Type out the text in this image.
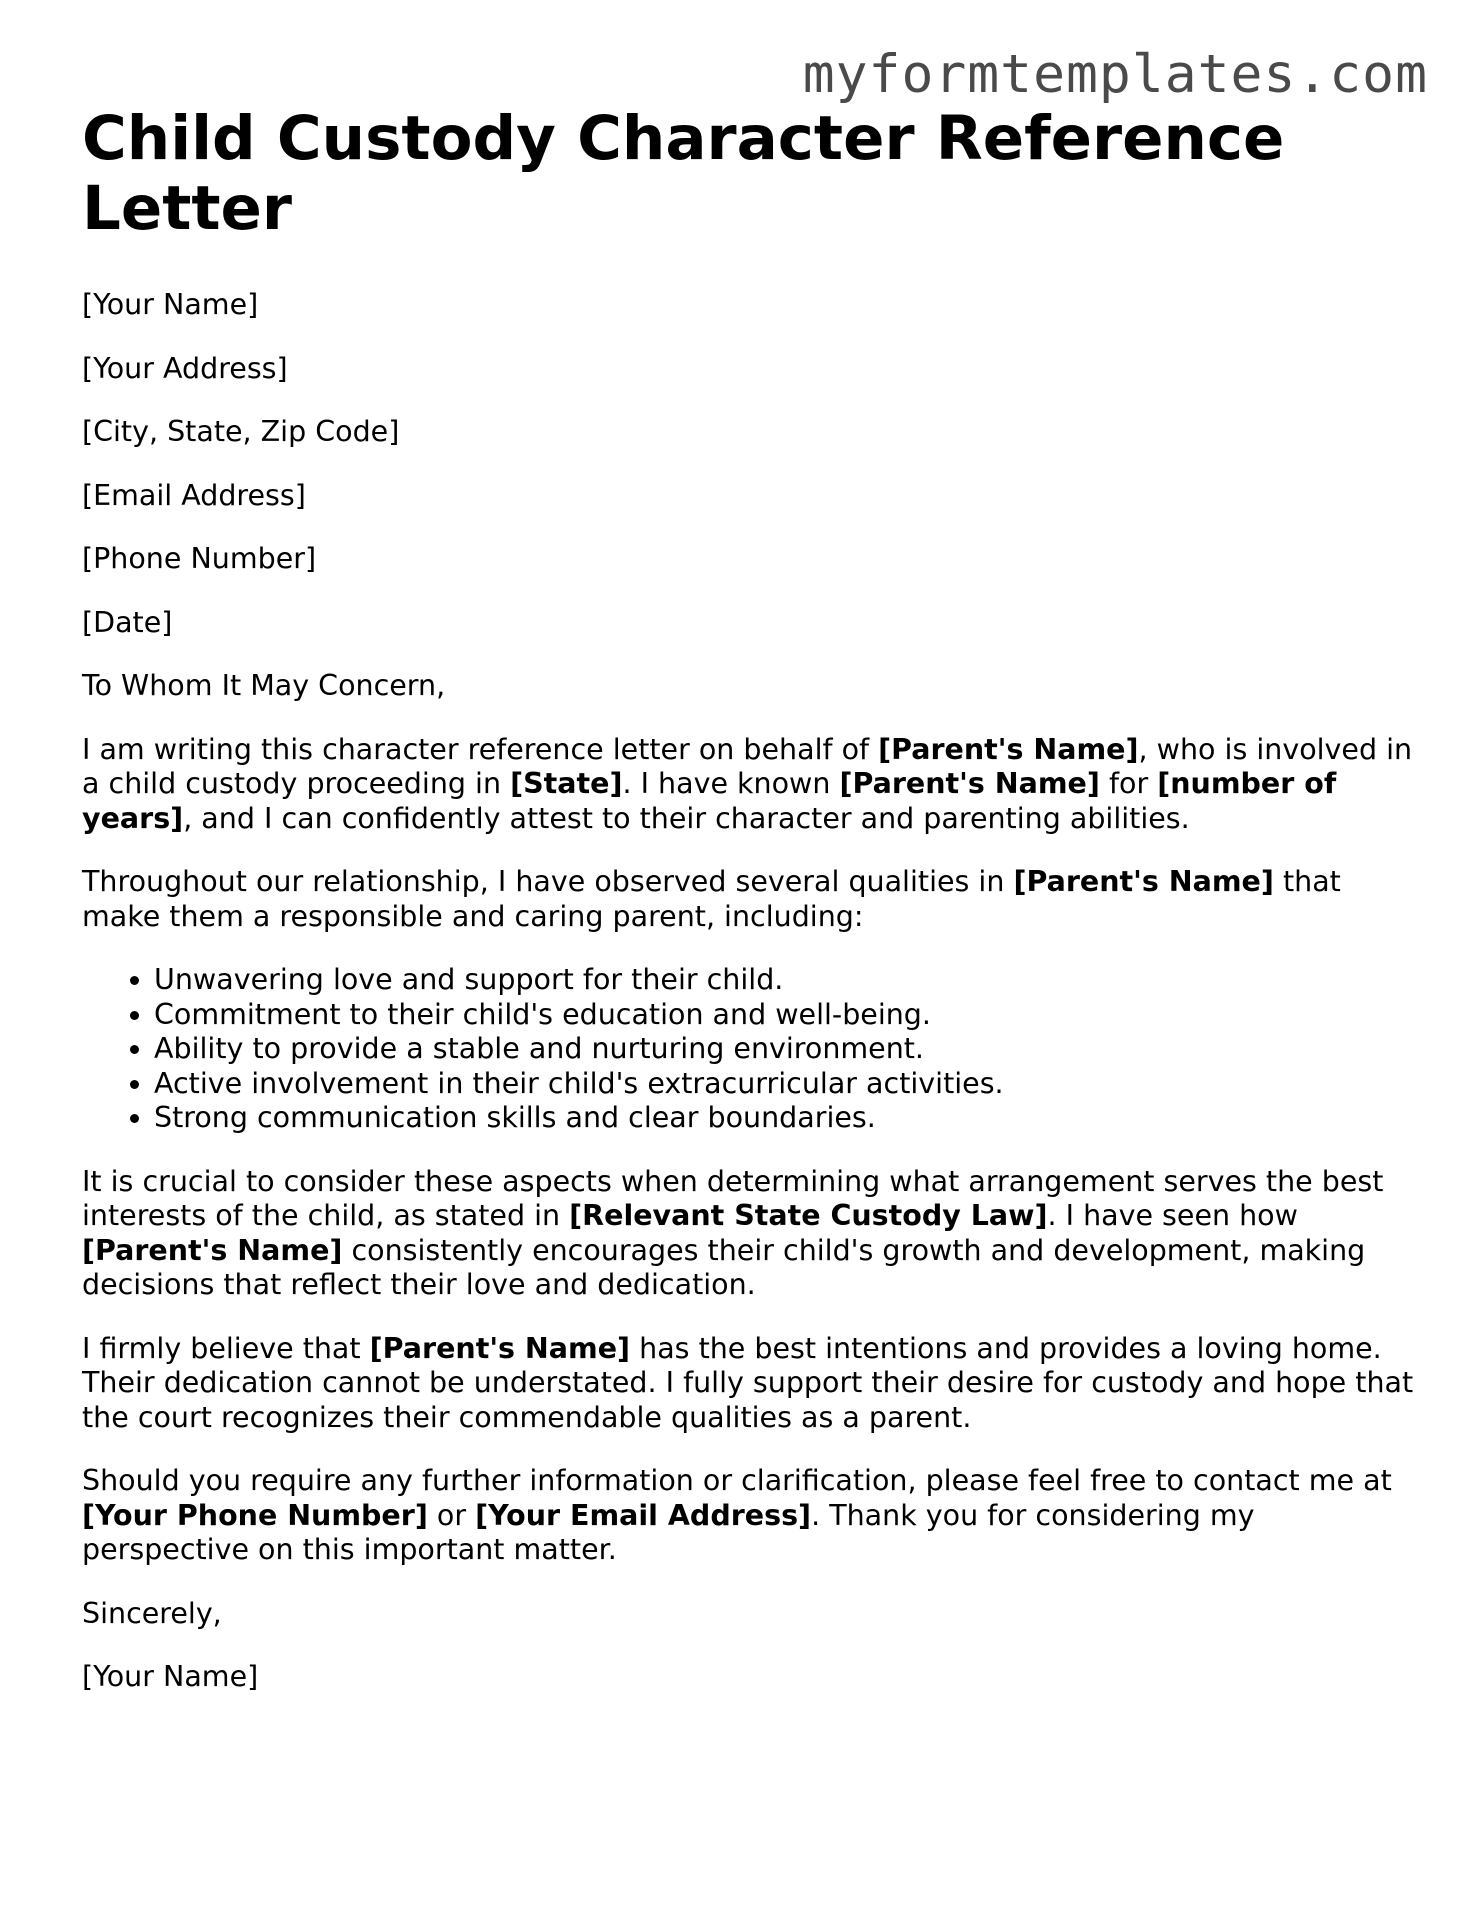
myformtemplates.com
Child Custody Character Reference Letter

[Your Name]

[Your Address]

[City, State, Zip Code]

[Email Address]

[Phone Number]

[Date]

To Whom It May Concern,

I am writing this character reference letter on behalf of [Parent's Name], who is involved in a child custody proceeding in [State]. I have known [Parent's Name] for [number of years], and I can confidently attest to their character and parenting abilities.

Throughout our relationship, I have observed several qualities in [Parent's Name] that make them a responsible and caring parent, including:

• Unwavering love and support for their child.
• Commitment to their child's education and well-being.
• Ability to provide a stable and nurturing environment.
• Active involvement in their child's extracurricular activities.
• Strong communication skills and clear boundaries.

It is crucial to consider these aspects when determining what arrangement serves the best interests of the child, as stated in [Relevant State Custody Law]. I have seen how [Parent's Name] consistently encourages their child's growth and development, making decisions that reflect their love and dedication.

I firmly believe that [Parent's Name] has the best intentions and provides a loving home. Their dedication cannot be understated. I fully support their desire for custody and hope that the court recognizes their commendable qualities as a parent.

Should you require any further information or clarification, please feel free to contact me at [Your Phone Number] or [Your Email Address]. Thank you for considering my perspective on this important matter.

Sincerely,

[Your Name]
